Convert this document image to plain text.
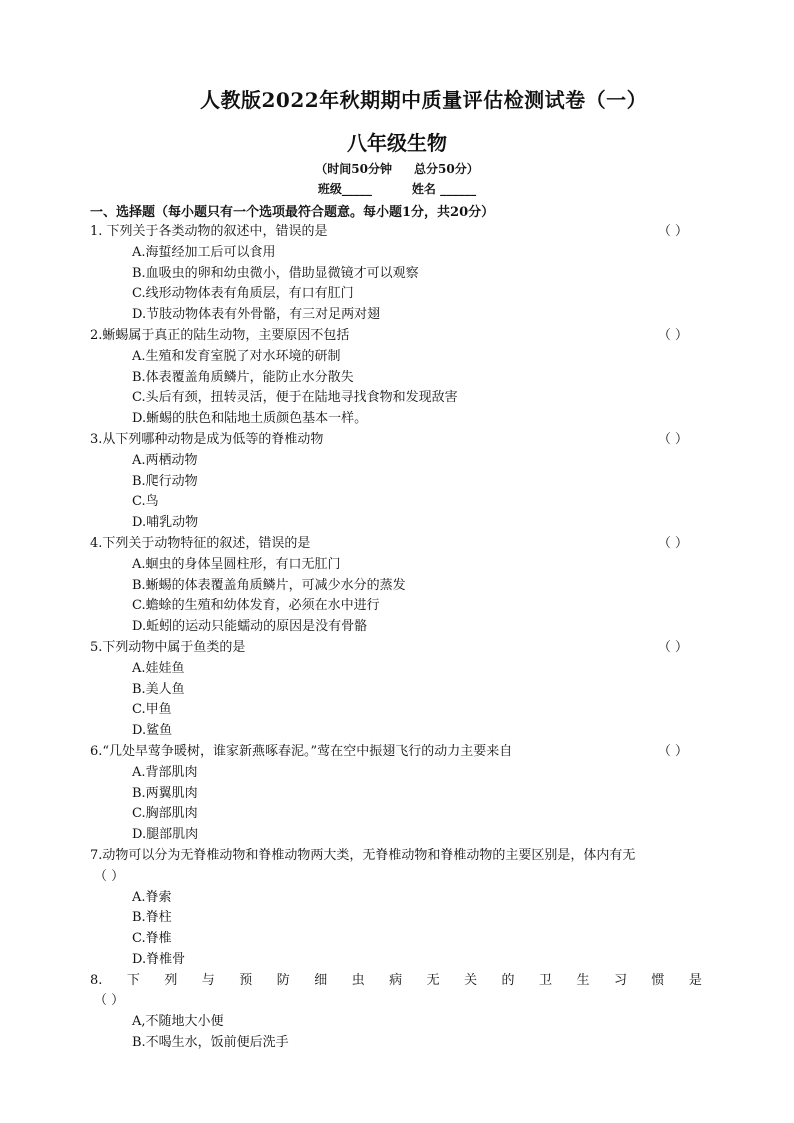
人教版2022年秋期期中质量评估检测试卷（一）
八年级生物
（时间50分钟 总分50分）
班级_____	姓名 ______
一、选择题（每小题只有一个选项最符合题意。每小题1分，共20分）
1. 下列关于各类动物的叙述中，错误的是	（ ）
A.海蜇经加工后可以食用
B.血吸虫的卵和幼虫微小，借助显微镜才可以观察
C.线形动物体表有角质层，有口有肛门
D.节肢动物体表有外骨骼，有三对足两对翅
2.蜥蜴属于真正的陆生动物，主要原因不包括	（ ）
A.生殖和发育室脱了对水环境的研制
B.体表覆盖角质鳞片，能防止水分散失
C.头后有颈，扭转灵活，便于在陆地寻找食物和发现敌害
D.蜥蜴的肤色和陆地土质颜色基本一样。
3.从下列哪种动物是成为低等的脊椎动物	（ ）
A.两栖动物
B.爬行动物
C.鸟
D.哺乳动物
4.下列关于动物特征的叙述，错误的是	（ ）
A.蛔虫的身体呈圆柱形，有口无肛门
B.蜥蜴的体表覆盖角质鳞片，可减少水分的蒸发
C.蟾蜍的生殖和幼体发育，必须在水中进行
D.蚯蚓的运动只能蠕动的原因是没有骨骼
5.下列动物中属于鱼类的是	（ ）
A.娃娃鱼
B.美人鱼
C.甲鱼
D.鲨鱼
6.“几处早莺争暖树，谁家新燕啄春泥。”莺在空中振翅飞行的动力主要来自	（ ）
A.背部肌肉
B.两翼肌肉
C.胸部肌肉
D.腿部肌肉
7.动物可以分为无脊椎动物和脊椎动物两大类，无脊椎动物和脊椎动物的主要区别是，体内有无
（ ）
A.脊索
B.脊柱
C.脊椎
D.脊椎骨
8. 下 列 与 预 防 细 虫 病 无 关 的 卫 生 习 惯 是
（ ）
A,不随地大小便
B.不喝生水，饭前便后洗手
